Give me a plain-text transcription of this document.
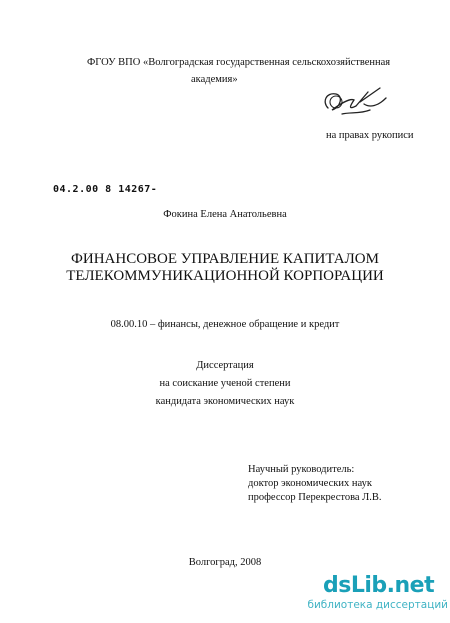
ФГОУ ВПО «Волгоградская государственная сельскохозяйственная
академия»
на правах рукописи
04.2.00 8 14267-
Фокина Елена Анатольевна
ФИНАНСОВОЕ УПРАВЛЕНИЕ КАПИТАЛОМ
ТЕЛЕКОММУНИКАЦИОННОЙ КОРПОРАЦИИ
08.00.10 – финансы, денежное обращение и кредит
Диссертация
на соискание ученой степени
кандидата экономических наук
Научный руководитель:
доктор экономических наук
профессор Перекрестова Л.В.
Волгоград, 2008
dsLib.net
библиотека диссертаций
